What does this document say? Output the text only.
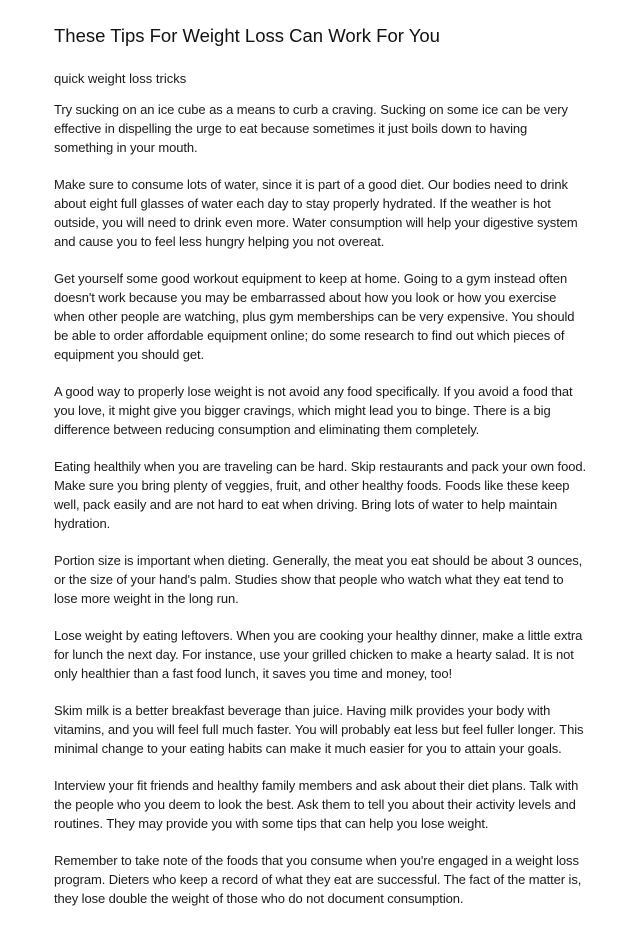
These Tips For Weight Loss Can Work For You

quick weight loss tricks

Try sucking on an ice cube as a means to curb a craving. Sucking on some ice can be very effective in dispelling the urge to eat because sometimes it just boils down to having something in your mouth.

Make sure to consume lots of water, since it is part of a good diet. Our bodies need to drink about eight full glasses of water each day to stay properly hydrated. If the weather is hot outside, you will need to drink even more. Water consumption will help your digestive system and cause you to feel less hungry helping you not overeat.

Get yourself some good workout equipment to keep at home. Going to a gym instead often doesn't work because you may be embarrassed about how you look or how you exercise when other people are watching, plus gym memberships can be very expensive. You should be able to order affordable equipment online; do some research to find out which pieces of equipment you should get.

A good way to properly lose weight is not avoid any food specifically. If you avoid a food that you love, it might give you bigger cravings, which might lead you to binge. There is a big difference between reducing consumption and eliminating them completely.

Eating healthily when you are traveling can be hard. Skip restaurants and pack your own food. Make sure you bring plenty of veggies, fruit, and other healthy foods. Foods like these keep well, pack easily and are not hard to eat when driving. Bring lots of water to help maintain hydration.

Portion size is important when dieting. Generally, the meat you eat should be about 3 ounces, or the size of your hand's palm. Studies show that people who watch what they eat tend to lose more weight in the long run.

Lose weight by eating leftovers. When you are cooking your healthy dinner, make a little extra for lunch the next day. For instance, use your grilled chicken to make a hearty salad. It is not only healthier than a fast food lunch, it saves you time and money, too!

Skim milk is a better breakfast beverage than juice. Having milk provides your body with vitamins, and you will feel full much faster. You will probably eat less but feel fuller longer. This minimal change to your eating habits can make it much easier for you to attain your goals.

Interview your fit friends and healthy family members and ask about their diet plans. Talk with the people who you deem to look the best. Ask them to tell you about their activity levels and routines. They may provide you with some tips that can help you lose weight.

Remember to take note of the foods that you consume when you're engaged in a weight loss program. Dieters who keep a record of what they eat are successful. The fact of the matter is, they lose double the weight of those who do not document consumption.
